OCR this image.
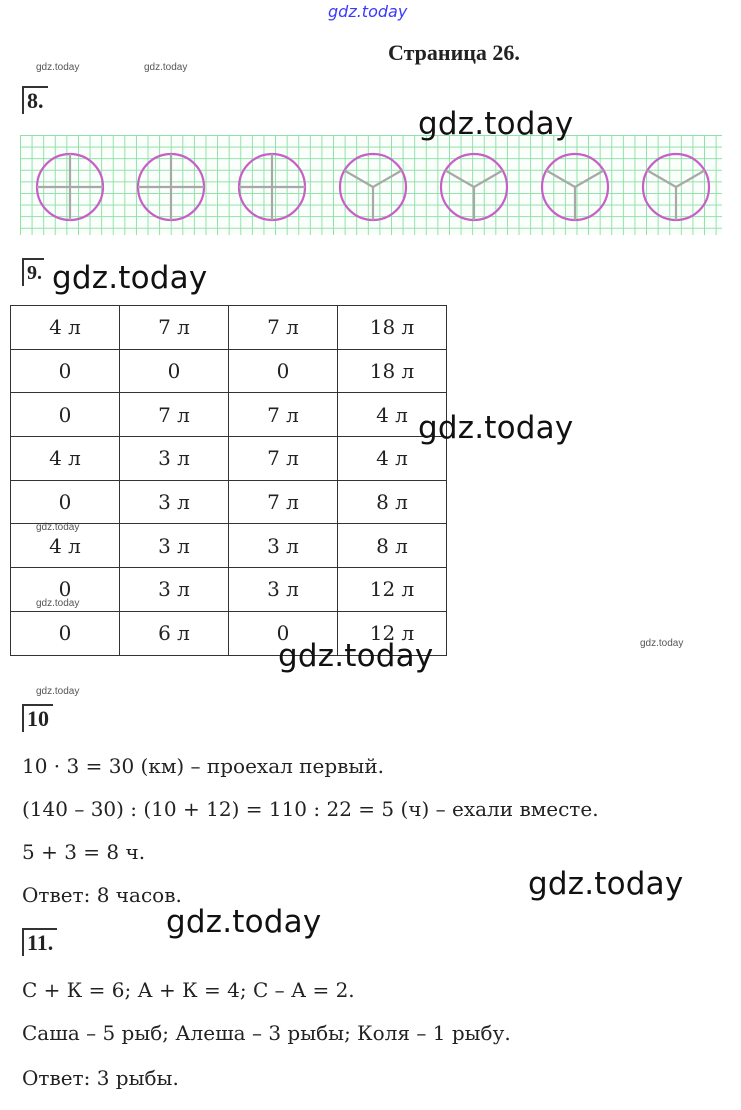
gdz.today
Страница 26.
gdz.today	gdz.today
gdz.today
gdz.today
gdz.today
gdz.today
8.
gdz.today
9. gdz.today
4 л	7 л	7 л	18 л
0	0	0	18 л
0	7 л	7 л	4 л
4 л	3 л	7 л	4 л
0	3 л	7 л	8 л
4 л	3 л	3 л	8 л
0	3 л	3 л	12 л
0	6 л	0	12 л
gdz.today
gdz.today
10
10 · 3 = 30 (км) – проехал первый.
(140 – 30) : (10 + 12) = 110 : 22 = 5 (ч) – ехали вместе.
5 + 3 = 8 ч.
Ответ: 8 часов.	gdz.today
gdz.today
11.
С + К = 6; А + К = 4; С – А = 2.
Саша – 5 рыб; Алеша – 3 рыбы; Коля – 1 рыбу.
Ответ: 3 рыбы.
